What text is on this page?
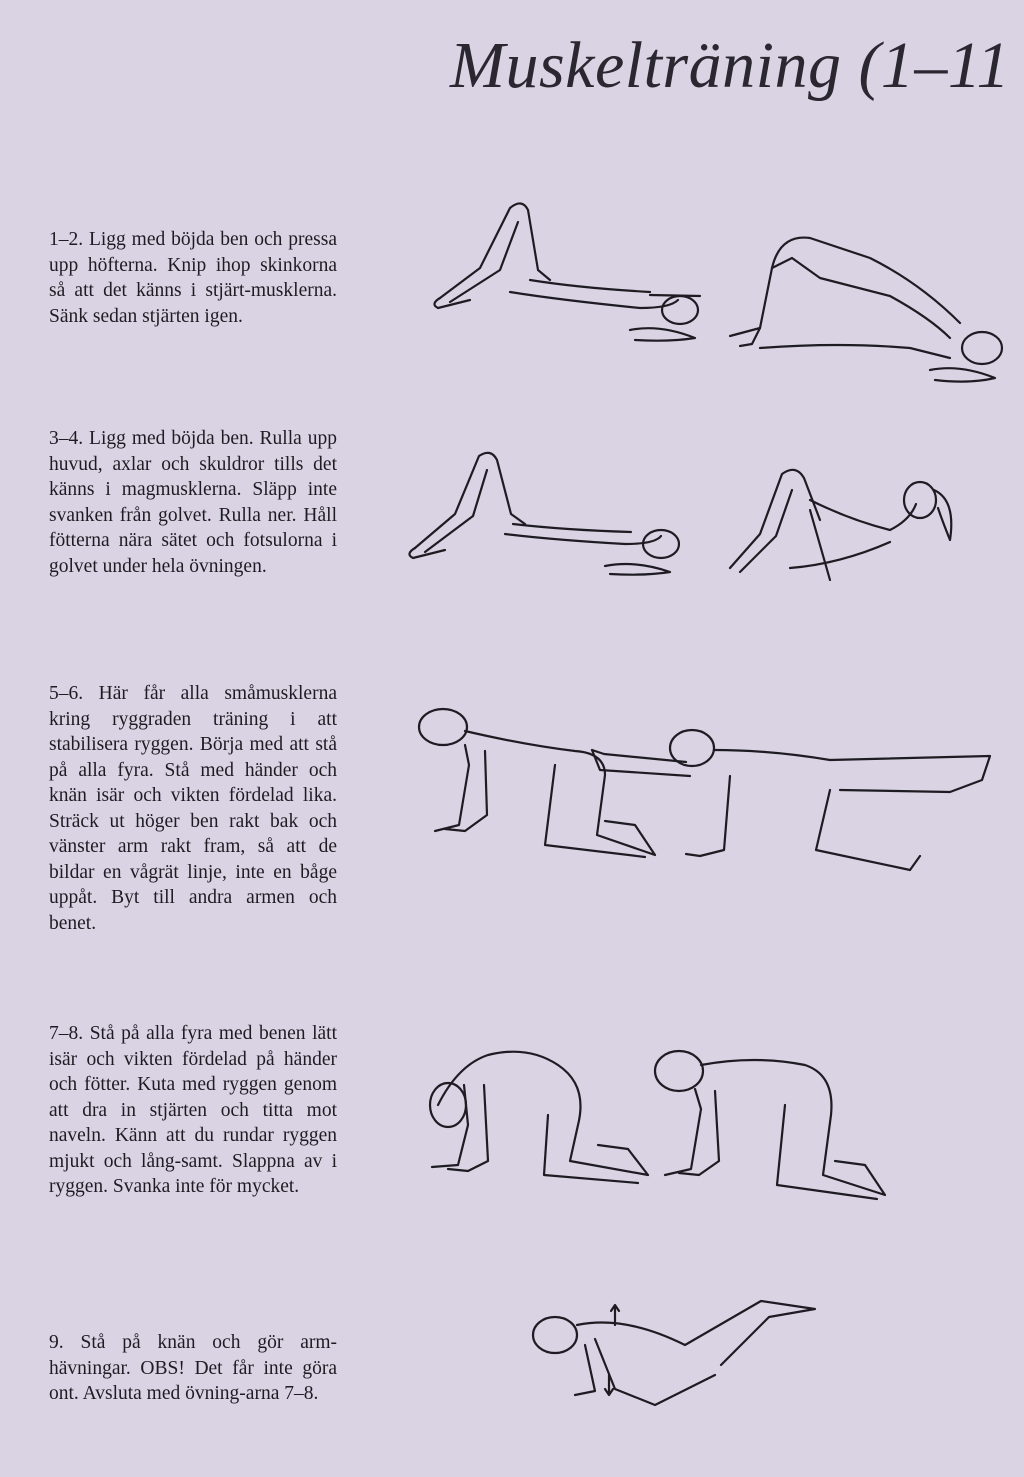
Muskelträning (1–11
1–2. Ligg med böjda ben och pressa upp höfterna. Knip ihop skinkorna så att det känns i stjärt-musklerna. Sänk sedan stjärten igen.
3–4. Ligg med böjda ben. Rulla upp huvud, axlar och skuldror tills det känns i magmusklerna. Släpp inte svanken från golvet. Rulla ner. Håll fötterna nära sätet och fotsulorna i golvet under hela övningen.
5–6. Här får alla småmusklerna kring ryggraden träning i att stabilisera ryggen. Börja med att stå på alla fyra. Stå med händer och knän isär och vikten fördelad lika. Sträck ut höger ben rakt bak och vänster arm rakt fram, så att de bildar en vågrät linje, inte en båge uppåt. Byt till andra armen och benet.
7–8. Stå på alla fyra med benen lätt isär och vikten fördelad på händer och fötter. Kuta med ryggen genom att dra in stjärten och titta mot naveln. Känn att du rundar ryggen mjukt och lång-samt. Slappna av i ryggen. Svanka inte för mycket.
9. Stå på knän och gör arm-hävningar. OBS! Det får inte göra ont. Avsluta med övning-arna 7–8.
